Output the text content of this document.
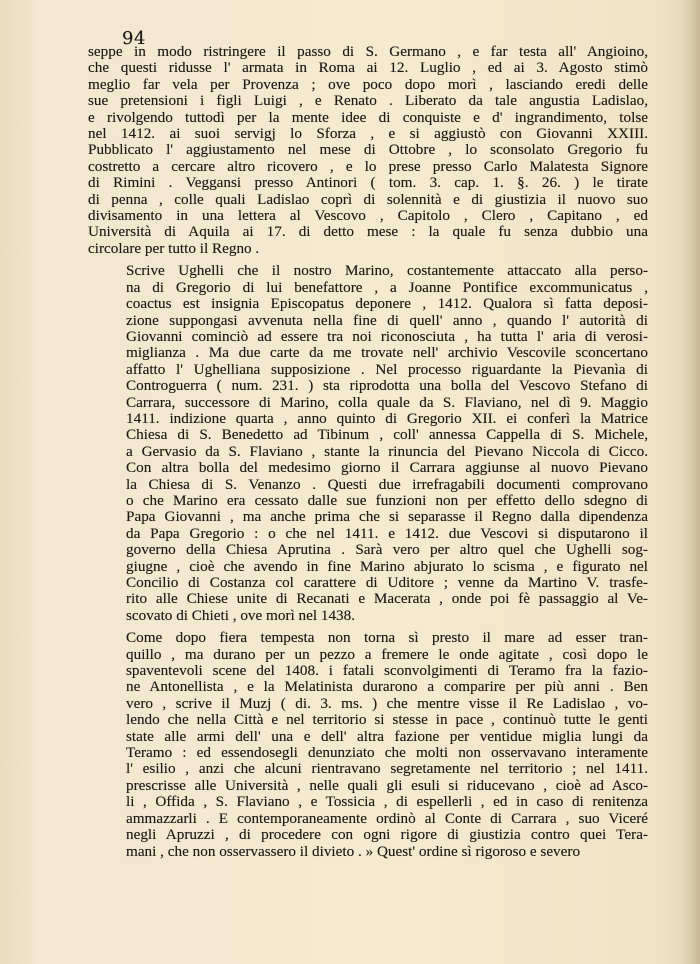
94
seppe in modo ristringere il passo di S. Germano , e far testa all' Angioino,
che questi ridusse l' armata in Roma ai 12. Luglio , ed ai 3. Agosto stimò
meglio far vela per Provenza ; ove poco dopo morì , lasciando eredi delle
sue pretensioni i figli Luigi , e Renato . Liberato da tale angustia Ladislao,
e rivolgendo tuttodì per la mente idee di conquiste e d' ingrandimento, tolse
nel 1412. ai suoi servigj lo Sforza , e si aggiustò con Giovanni XXIII.
Pubblicato l' aggiustamento nel mese di Ottobre , lo sconsolato Gregorio fu
costretto a cercare altro ricovero , e lo prese presso Carlo Malatesta Signore
di Rimini . Veggansi presso Antinori ( tom. 3. cap. 1. §. 26. ) le tirate
di penna , colle quali Ladislao coprì di solennità e di giustizia il nuovo suo
divisamento in una lettera al Vescovo , Capitolo , Clero , Capitano , ed
Università di Aquila ai 17. di detto mese : la quale fu senza dubbio una
circolare per tutto il Regno .
Scrive Ughelli che il nostro Marino, costantemente attaccato alla perso-
na di Gregorio di lui benefattore , a Joanne Pontifice excommunicatus ,
coactus est insignia Episcopatus deponere , 1412. Qualora sì fatta deposi-
zione suppongasi avvenuta nella fine di quell' anno , quando l' autorità di
Giovanni cominciò ad essere tra noi riconosciuta , ha tutta l' aria di verosi-
miglianza . Ma due carte da me trovate nell' archivio Vescovile sconcertano
affatto l' Ughelliana supposizione . Nel processo riguardante la Pievanìa di
Controguerra ( num. 231. ) sta riprodotta una bolla del Vescovo Stefano di
Carrara, successore di Marino, colla quale da S. Flaviano, nel dì 9. Maggio
1411. indizione quarta , anno quinto di Gregorio XII. ei conferì la Matrice
Chiesa di S. Benedetto ad Tibinum , coll' annessa Cappella di S. Michele,
a Gervasio da S. Flaviano , stante la rinuncia del Pievano Niccola di Cicco.
Con altra bolla del medesimo giorno il Carrara aggiunse al nuovo Pievano
la Chiesa di S. Venanzo . Questi due irrefragabili documenti comprovano
o che Marino era cessato dalle sue funzioni non per effetto dello sdegno di
Papa Giovanni , ma anche prima che si separasse il Regno dalla dipendenza
da Papa Gregorio : o che nel 1411. e 1412. due Vescovi si disputarono il
governo della Chiesa Aprutina . Sarà vero per altro quel che Ughelli sog-
giugne , cioè che avendo in fine Marino abjurato lo scisma , e figurato nel
Concilio di Costanza col carattere di Uditore ; venne da Martino V. trasfe-
rito alle Chiese unite di Recanati e Macerata , onde poi fè passaggio al Ve-
scovato di Chieti , ove morì nel 1438.
Come dopo fiera tempesta non torna sì presto il mare ad esser tran-
quillo , ma durano per un pezzo a fremere le onde agitate , così dopo le
spaventevoli scene del 1408. i fatali sconvolgimenti di Teramo fra la fazio-
ne Antonellista , e la Melatinista durarono a comparire per più anni . Ben
vero , scrive il Muzj ( di. 3. ms. ) che mentre visse il Re Ladislao , vo-
lendo che nella Città e nel territorio si stesse in pace , continuò tutte le genti
state alle armi dell' una e dell' altra fazione per ventidue miglia lungi da
Teramo : ed essendosegli denunziato che molti non osservavano interamente
l' esilio , anzi che alcuni rientravano segretamente nel territorio ; nel 1411.
prescrisse alle Università , nelle quali gli esuli si riducevano , cioè ad Asco-
li , Offida , S. Flaviano , e Tossicia , di espellerli , ed in caso di renitenza
ammazzarli . E contemporaneamente ordinò al Conte di Carrara , suo Viceré
negli Apruzzi , di procedere con ogni rigore di giustizia contro quei Tera-
mani , che non osservassero il divieto . » Quest' ordine sì rigoroso e severo
